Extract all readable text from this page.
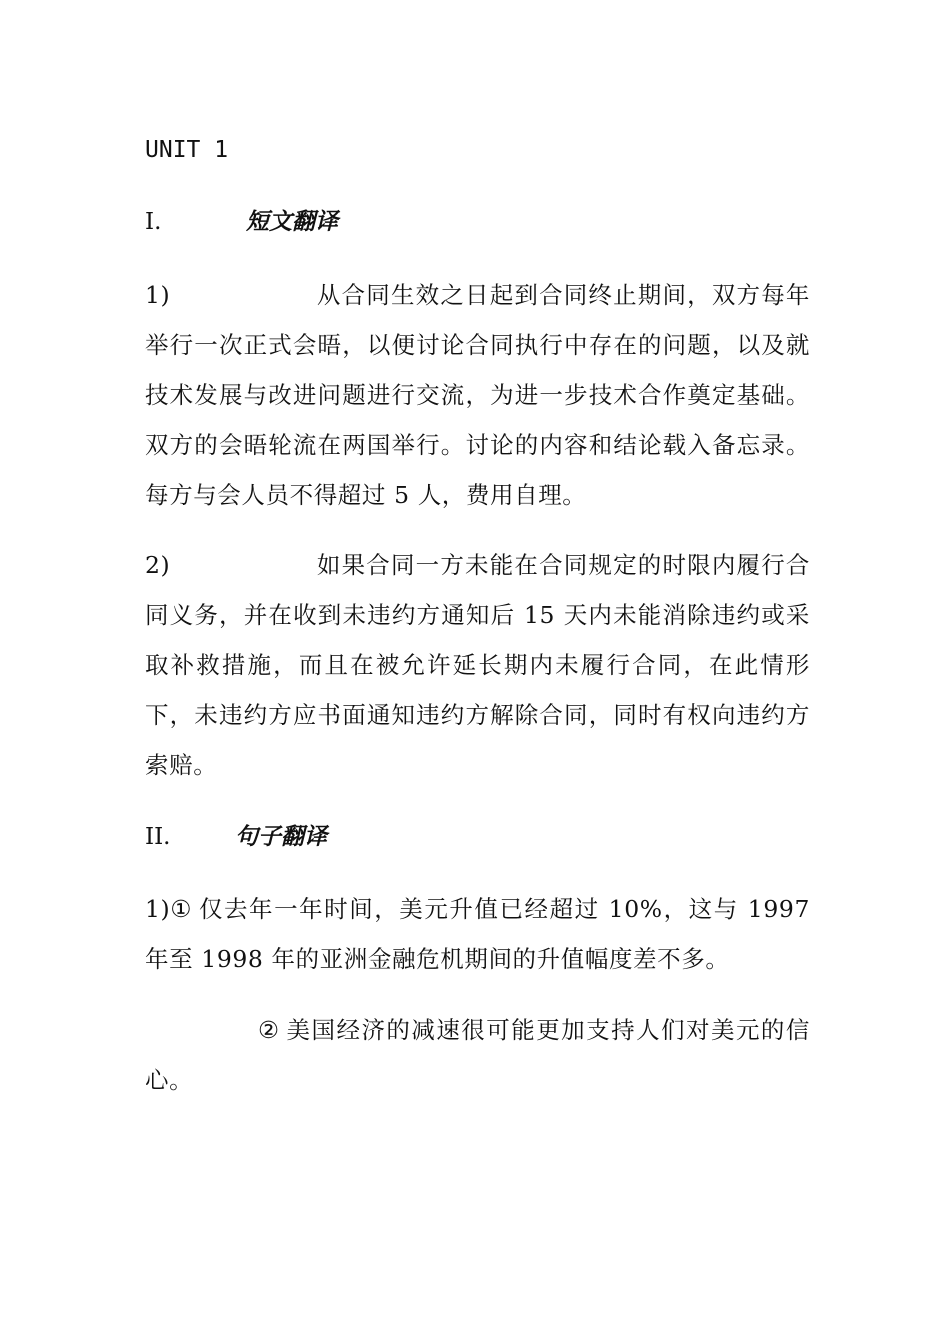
UNIT 1
I.	短文翻译
1)	从合同生效之日起到合同终止期间，双方每年举行一次正式会晤，以便讨论合同执行中存在的问题，以及就技术发展与改进问题进行交流，为进一步技术合作奠定基础。双方的会晤轮流在两国举行。讨论的内容和结论载入备忘录。每方与会人员不得超过 5 人，费用自理。
2)	如果合同一方未能在合同规定的时限内履行合同义务，并在收到未违约方通知后 15 天内未能消除违约或采取补救措施，而且在被允许延长期内未履行合同，在此情形下，未违约方应书面通知违约方解除合同，同时有权向违约方索赔。
II.	句子翻译
1)① 仅去年一年时间，美元升值已经超过 10%，这与 1997 年至 1998 年的亚洲金融危机期间的升值幅度差不多。
② 美国经济的减速很可能更加支持人们对美元的信心。
